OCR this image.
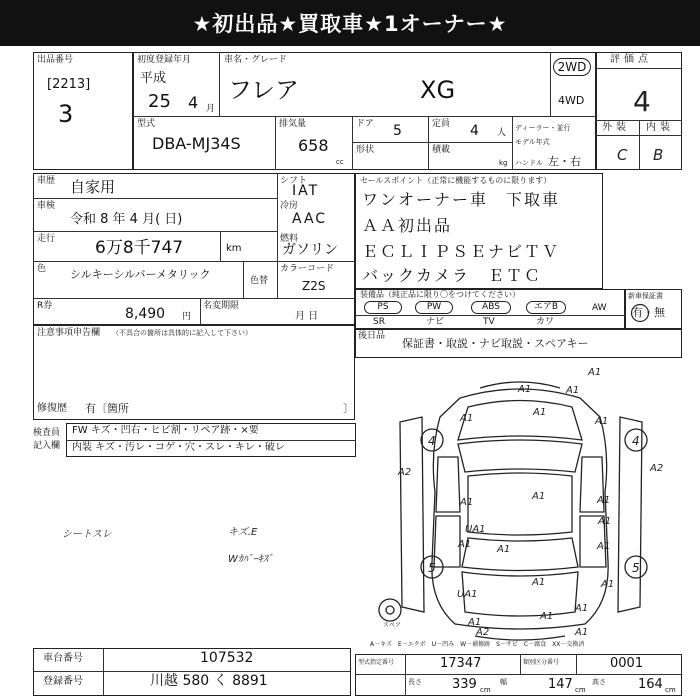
★初出品★買取車★1オーナー★
出品番号
[2213]
3
初度登録年月
平成
25 4 月
車名・グレード
フレア	XG
2WD
4WD
型式
DBA-MJ34S
排気量
658
cc
ドア 5	定員 4 人
形状	積載
kg
ディーラー・並行
モデル年式
ハンドル 左・右
評価点
4
外装 内装
C B
車歴 自家用
車検
令和 8 年 4 月( 日)
走行 6万8千747	km
色 シルキーシルバーメタリック	色替
シフト
IAT
冷房
AAC
燃料
ガソリン
カラーコード
Z2S
R券	8,490 円
名変期限
月 日
注意事項申告欄 （不具合の箇所は具体的に記入して下さい）
修復歴 有〔箇所	〕
検査員
記入欄
FW キズ・凹右・ヒビ割・リペア跡・×要
内装 キズ・汚レ・コゲ・穴・スレ・キレ・破レ
セールスポイント（正常に機能するものに限ります）
ワンオーナー車　下取車
ＡＡ初出品
ＥＣＬＩＰＳＥナビＴＶ
バックカメラ　ＥＴＣ
装備品（純正品に限り〇をつけてください）
PS	PW	ABS	エアB	AW
SR	ナビ	TV	カワ
新車保証書
有・無
後日品
保証書・取説・ナビ取説・スペアキー
スペア
4	4
5	5
A1
A1
A1
A1
A2	A2
A1
A1	A1
A1
A1	A1
A1	A1
A1
A1
A1
UA1
UA1
A1
A1
A1
A2
A1
A－キズ　E－エクボ　U－凹み　W－補修跡　S－サビ　C－腐食　XX－交換済
シートスレ	キズ.E
Wｶﾊﾞｰｷｽﾞ
車台番号	107532
登録番号	川越 580 く 8891
型式指定番号	17347	類別区分番号	0001
長さ 339 cm
幅	147 cm
高さ 164 cm
